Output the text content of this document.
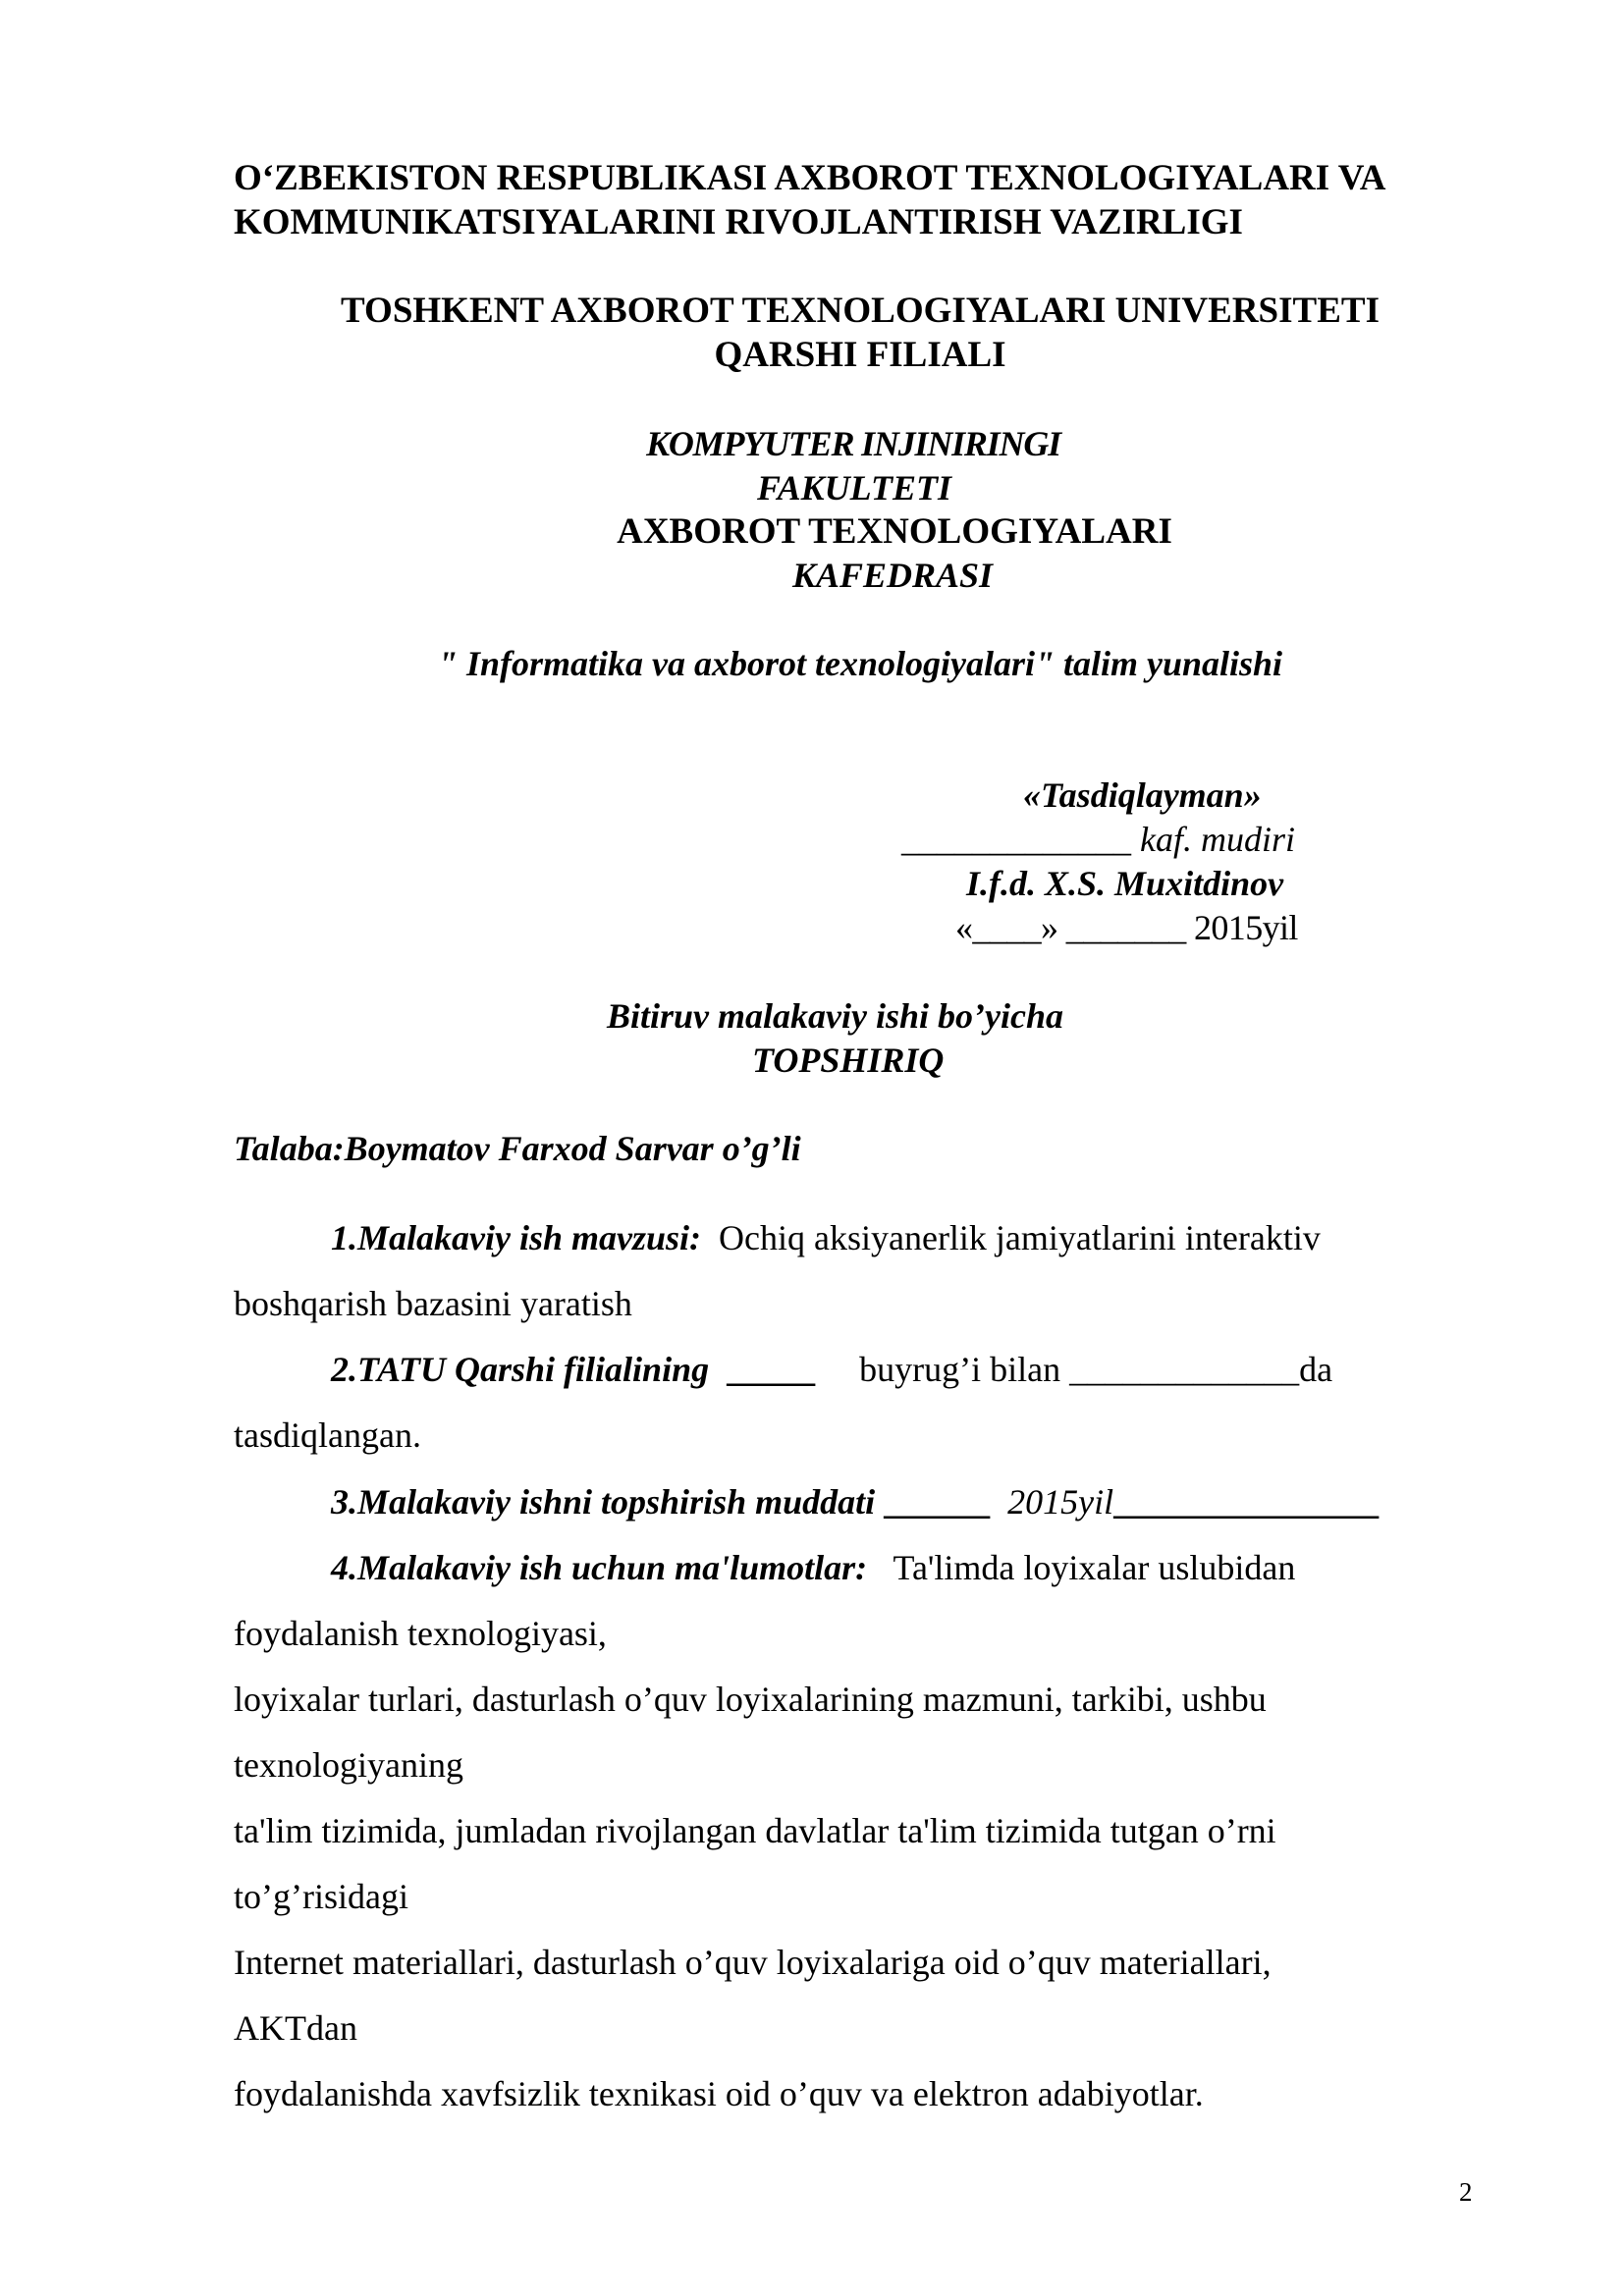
O‘ZBEKISTON RESPUBLIKASI AXBOROT TEXNOLOGIYALARI VA
KOMMUNIKATSIYALARINI RIVOJLANTIRISH VAZIRLIGI
TOSHKENT AXBOROT TEXNOLOGIYALARI UNIVERSITETI
QARSHI FILIALI
KOMPYUTER INJINIRINGI
FAKULTETI
AXBOROT TEXNOLOGIYALARI
KAFEDRASI
" Informatika va axborot texnologiyalari" talim yunalishi
«Tasdiqlayman»
_____________ kaf. mudiri
I.f.d. X.S. Muxitdinov
«____» _______ 2015yil
Bitiruv malakaviy ishi bo’yicha
TOPSHIRIQ
Talaba:Boymatov Farxod Sarvar o’g’li
1.Malakaviy ish mavzusi: Ochiq aksiyanerlik jamiyatlarini interaktiv
boshqarish bazasini yaratish
2.TATU Qarshi filialining _____ buyrug’i bilan _____________da
tasdiqlangan.
3.Malakaviy ishni topshirish muddati ______ 2015yil_______________
4.Malakaviy ish uchun ma'lumotlar: Ta'limda loyixalar uslubidan
foydalanish texnologiyasi,
loyixalar turlari, dasturlash o’quv loyixalarining mazmuni, tarkibi, ushbu
texnologiyaning
ta'lim tizimida, jumladan rivojlangan davlatlar ta'lim tizimida tutgan o’rni
to’g’risidagi
Internet materiallari, dasturlash o’quv loyixalariga oid o’quv materiallari,
AKTdan
foydalanishda xavfsizlik texnikasi oid o’quv va elektron adabiyotlar.
2
